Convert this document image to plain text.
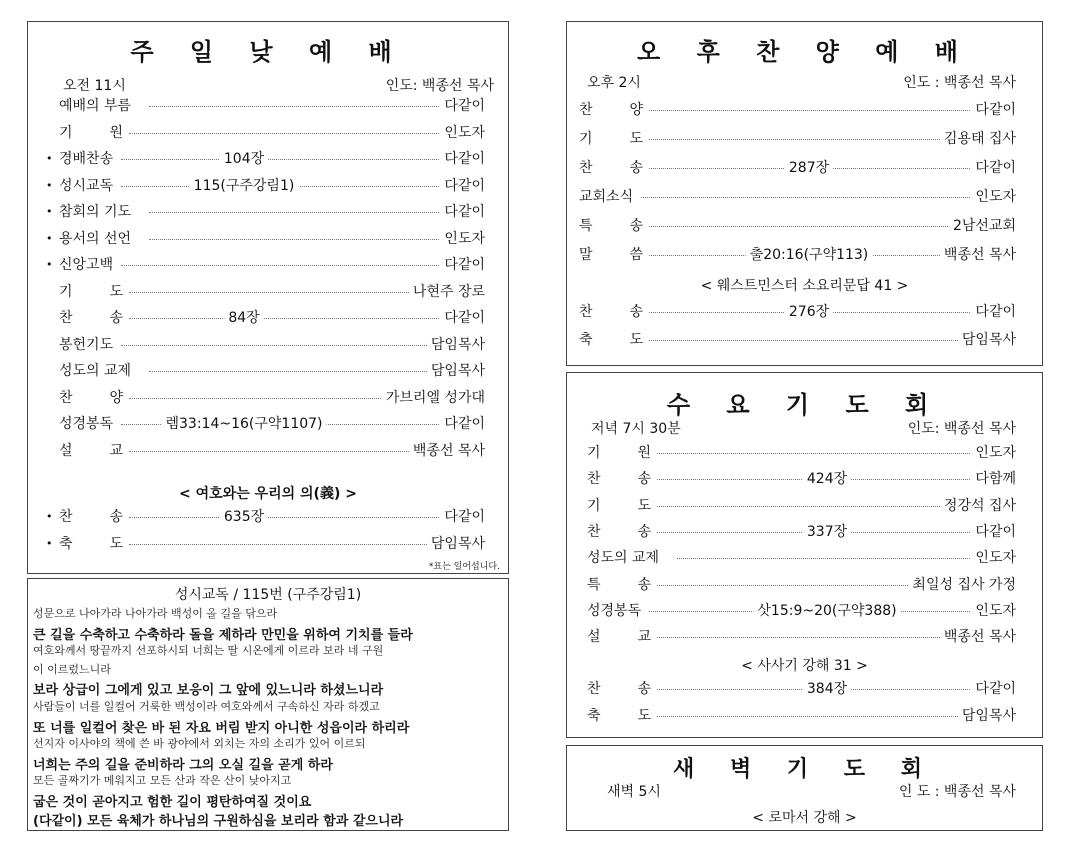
주 일 낮 예 배
오전 11시	인도: 백종선 목사
예배의 부름	다같이
기	원	인도자
• 경배찬송	104장	다같이
• 성시교독	115(구주강림1)	다같이
• 참회의 기도	다같이
• 용서의 선언	인도자
• 신앙고백	다같이
기	도	나현주 장로
찬	송	84장	다같이
봉헌기도	담임목사
성도의 교제	담임목사
찬	양	가브리엘 성가대
성경봉독	렘33:14~16(구약1107)	다같이
설	교	백종선 목사
< 여호와는 우리의 의(義) >
• 찬	송	635장	다같이
• 축	도	담임목사
*표는 일어섭니다.
성시교독 / 115번 (구주강림1)
성문으로 나아가라 나아가라 백성이 올 길을 닦으라
큰 길을 수축하고 수축하라 돌을 제하라 만민을 위하여 기치를 들라
여호와께서 땅끝까지 선포하시되 너희는 딸 시온에게 이르라 보라 네 구원
이 이르렀느니라
보라 상급이 그에게 있고 보응이 그 앞에 있느니라 하셨느니라
사람들이 너를 일컬어 거룩한 백성이라 여호와께서 구속하신 자라 하겠고
또 너를 일컬어 찾은 바 된 자요 버림 받지 아니한 성읍이라 하리라
선지자 이사야의 책에 쓴 바 광야에서 외치는 자의 소리가 있어 이르되
너희는 주의 길을 준비하라 그의 오실 길을 곧게 하라
모든 골짜기가 메워지고 모든 산과 작은 산이 낮아지고
굽은 것이 곧아지고 험한 길이 평탄하여질 것이요
(다같이) 모든 육체가 하나님의 구원하심을 보리라 함과 같으니라
오 후 찬 양 예 배
오후 2시	인도 : 백종선 목사
찬	양	다같이
기	도	김용태 집사
찬	송	287장	다같이
교회소식	인도자
특	송	2남선교회
말	씀	출20:16(구약113)	백종선 목사
< 웨스트민스터 소요리문답 41 >
찬	송	276장	다같이
축	도	담임목사
수 요 기 도 회
저녁 7시 30분	인도: 백종선 목사
기	원	인도자
찬	송	424장	다함께
기	도	정강석 집사
찬	송	337장	다같이
성도의 교제	인도자
특	송	최일성 집사 가정
성경봉독	삿15:9~20(구약388)	인도자
설	교	백종선 목사
< 사사기 강해 31 >
찬	송	384장	다같이
축	도	담임목사
새 벽 기 도 회
새벽 5시	인 도 : 백종선 목사
< 로마서 강해 >
